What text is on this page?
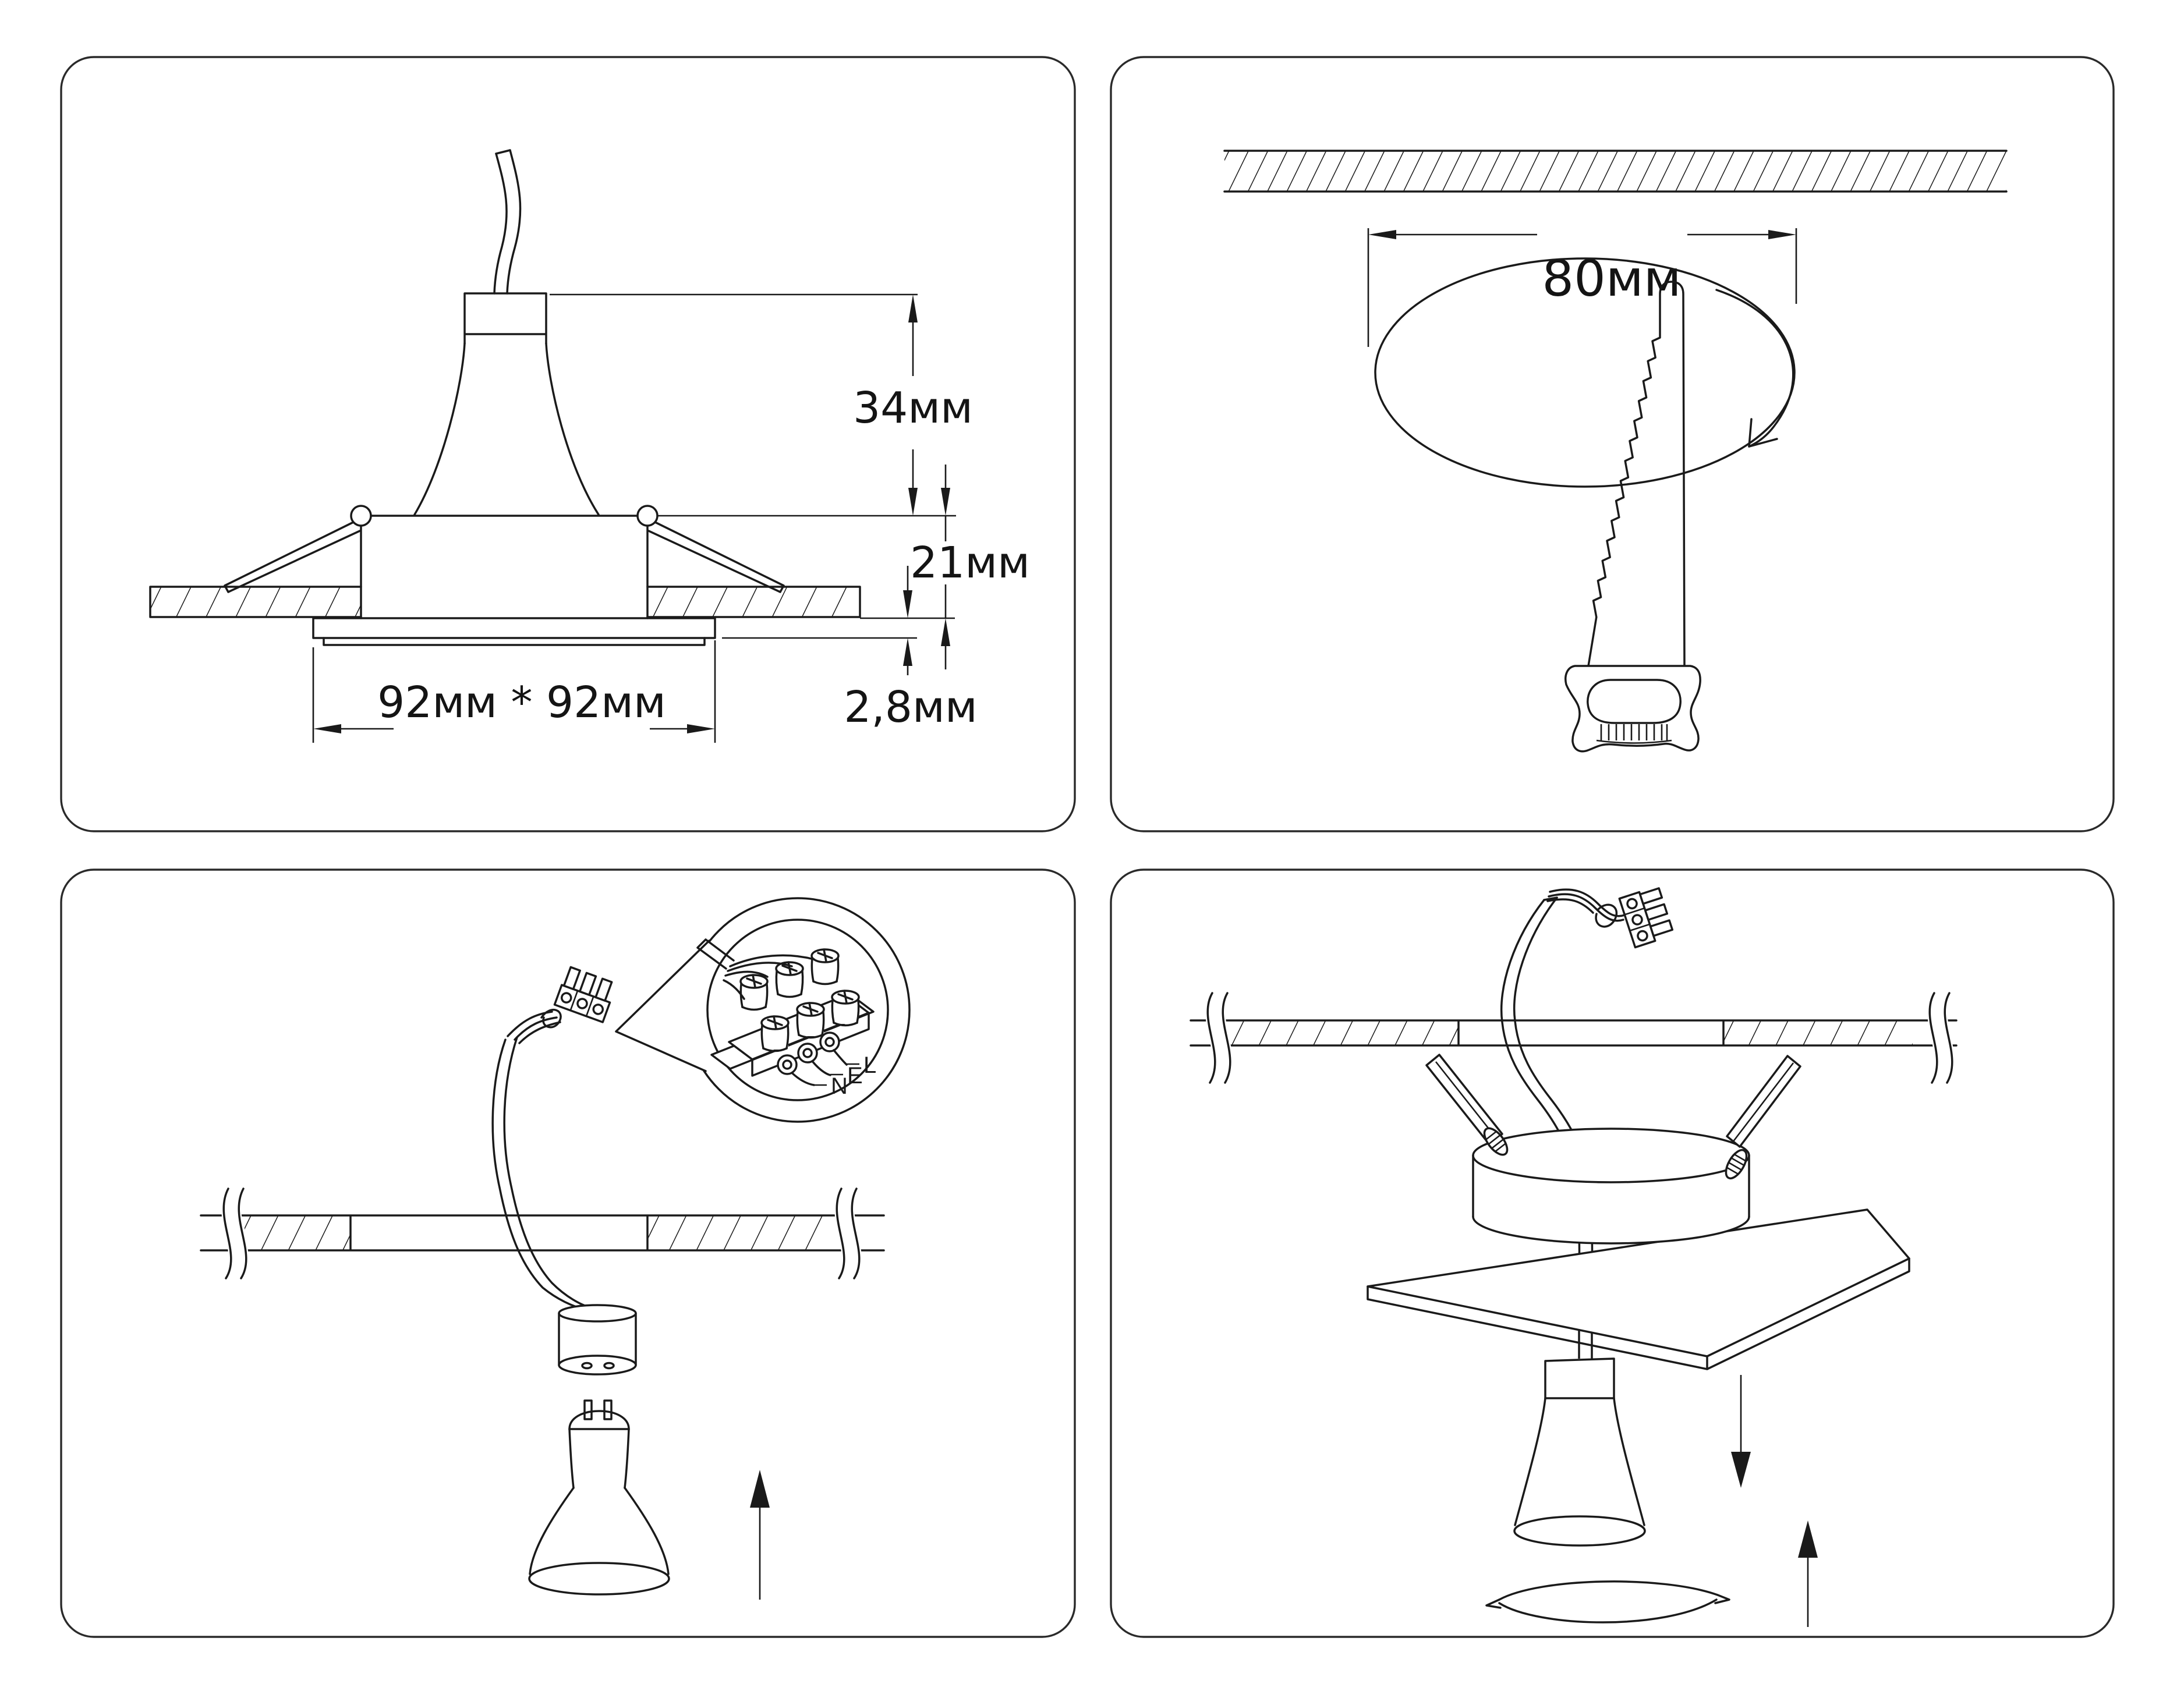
34мм
21мм
2,8мм
92мм * 92мм
80мм
N E L
